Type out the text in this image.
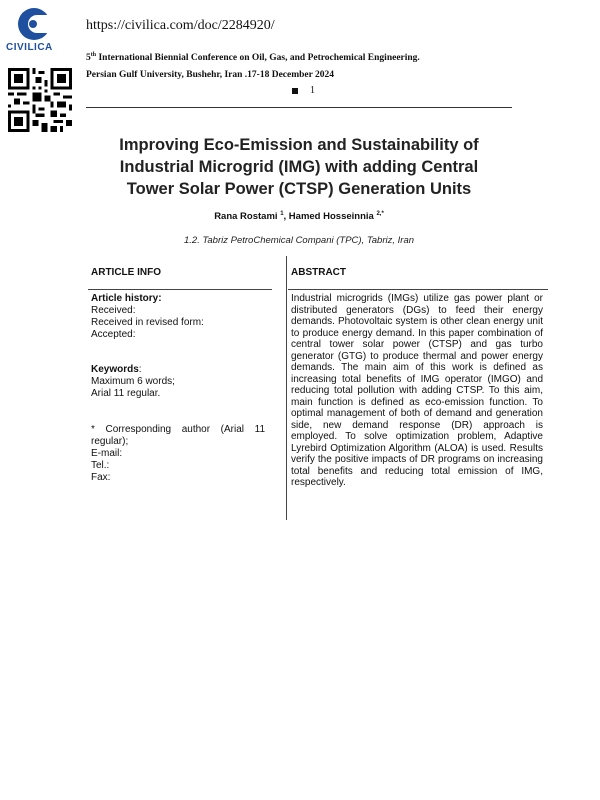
CIVILICA
https://civilica.com/doc/2284920/
5th International Biennial Conference on Oil, Gas, and Petrochemical Engineering.
Persian Gulf University, Bushehr, Iran .17-18 December 2024
1
Improving Eco-Emission and Sustainability of
Industrial Microgrid (IMG) with adding Central
Tower Solar Power (CTSP) Generation Units
Rana Rostami $^1$, Hamed Hosseinnia $^{2,*}$
1.2. Tabriz PetroChemical Compani (TPC), Tabriz, Iran
ARTICLE INFO	ABSTRACT
Article history:
Received:
Received in revised form:
Accepted:
Keywords:
Maximum 6 words;
Arial 11 regular.
* Corresponding author (Arial 11 regular);
E-mail:
Tel.:
Fax:
Industrial microgrids (IMGs) utilize gas power plant or distributed generators (DGs) to feed their energy demands. Photovoltaic system is other clean energy unit to produce energy demand. In this paper combination of central tower solar power (CTSP) and gas turbo generator (GTG) to produce thermal and power energy demands. The main aim of this work is defined as increasing total benefits of IMG operator (IMGO) and reducing total pollution with adding CTSP. To this aim, main function is defined as eco-emission function. To optimal management of both of demand and generation side, new demand response (DR) approach is employed. To solve optimization problem, Adaptive Lyrebird Optimization Algorithm (ALOA) is used. Results verify the positive impacts of DR programs on increasing total benefits and reducing total emission of IMG, respectively.
